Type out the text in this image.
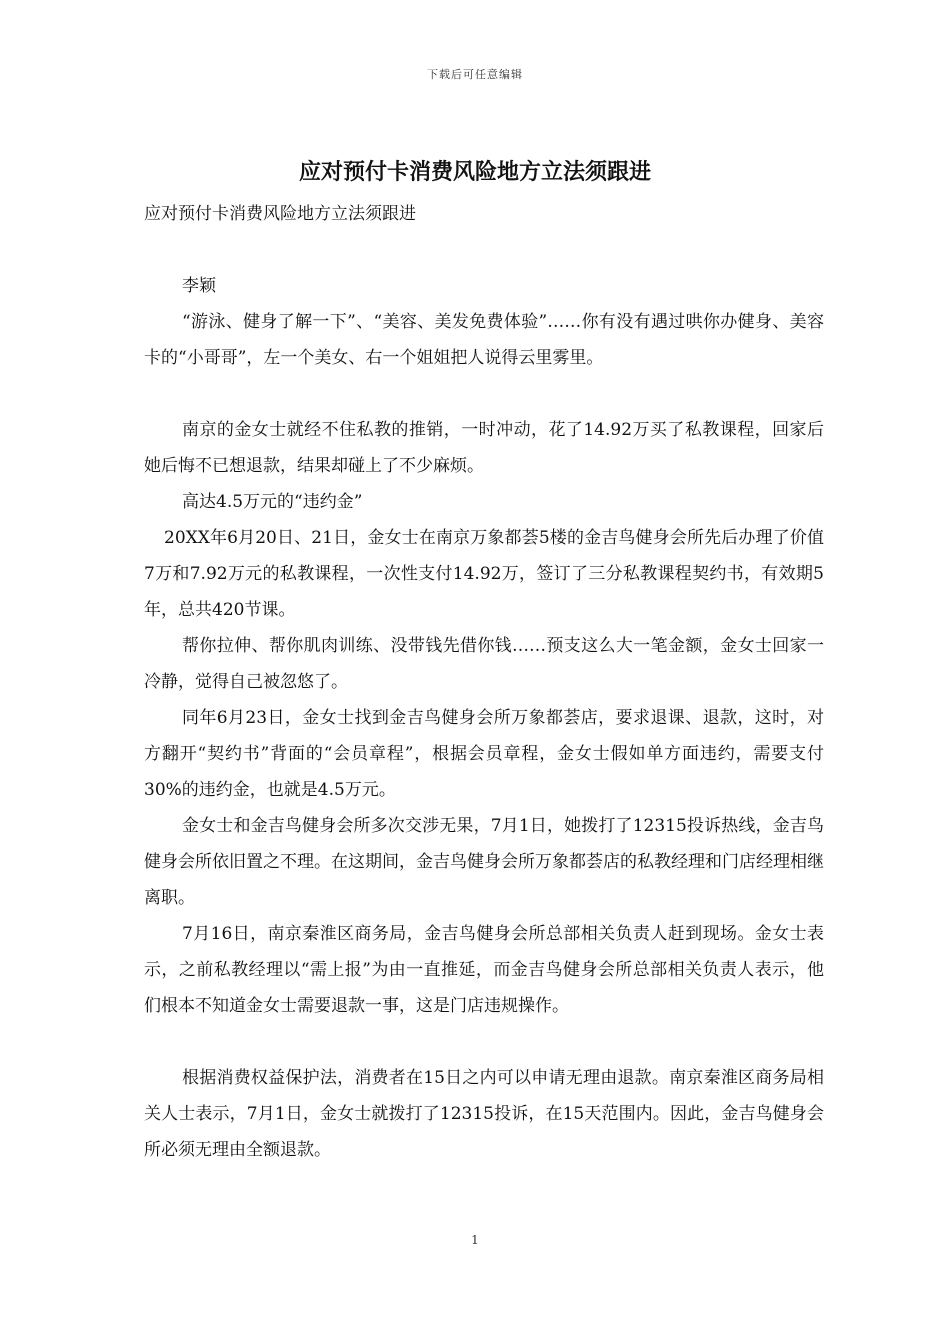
下载后可任意编辑
应对预付卡消费风险地方立法须跟进

应对预付卡消费风险地方立法须跟进

李颖

“游泳、健身了解一下”、“美容、美发免费体验”……你有没有遇过哄你办健身、美容卡的“小哥哥”，左一个美女、右一个姐姐把人说得云里雾里。

南京的金女士就经不住私教的推销，一时冲动，花了14.92万买了私教课程，回家后她后悔不已想退款，结果却碰上了不少麻烦。

高达4.5万元的“违约金”

20XX年6月20日、21日，金女士在南京万象都荟5楼的金吉鸟健身会所先后办理了价值7万和7.92万元的私教课程，一次性支付14.92万，签订了三分私教课程契约书，有效期5年，总共420节课。

帮你拉伸、帮你肌肉训练、没带钱先借你钱……预支这么大一笔金额，金女士回家一冷静，觉得自己被忽悠了。

同年6月23日，金女士找到金吉鸟健身会所万象都荟店，要求退课、退款，这时，对方翻开“契约书”背面的“会员章程”，根据会员章程，金女士假如单方面违约，需要支付30%的违约金，也就是4.5万元。

金女士和金吉鸟健身会所多次交涉无果，7月1日，她拨打了12315投诉热线，金吉鸟健身会所依旧置之不理。在这期间，金吉鸟健身会所万象都荟店的私教经理和门店经理相继离职。

7月16日，南京秦淮区商务局，金吉鸟健身会所总部相关负责人赶到现场。金女士表示，之前私教经理以“需上报”为由一直推延，而金吉鸟健身会所总部相关负责人表示，他们根本不知道金女士需要退款一事，这是门店违规操作。

根据消费权益保护法，消费者在15日之内可以申请无理由退款。南京秦淮区商务局相关人士表示，7月1日，金女士就拨打了12315投诉，在15天范围内。因此，金吉鸟健身会所必须无理由全额退款。

1
